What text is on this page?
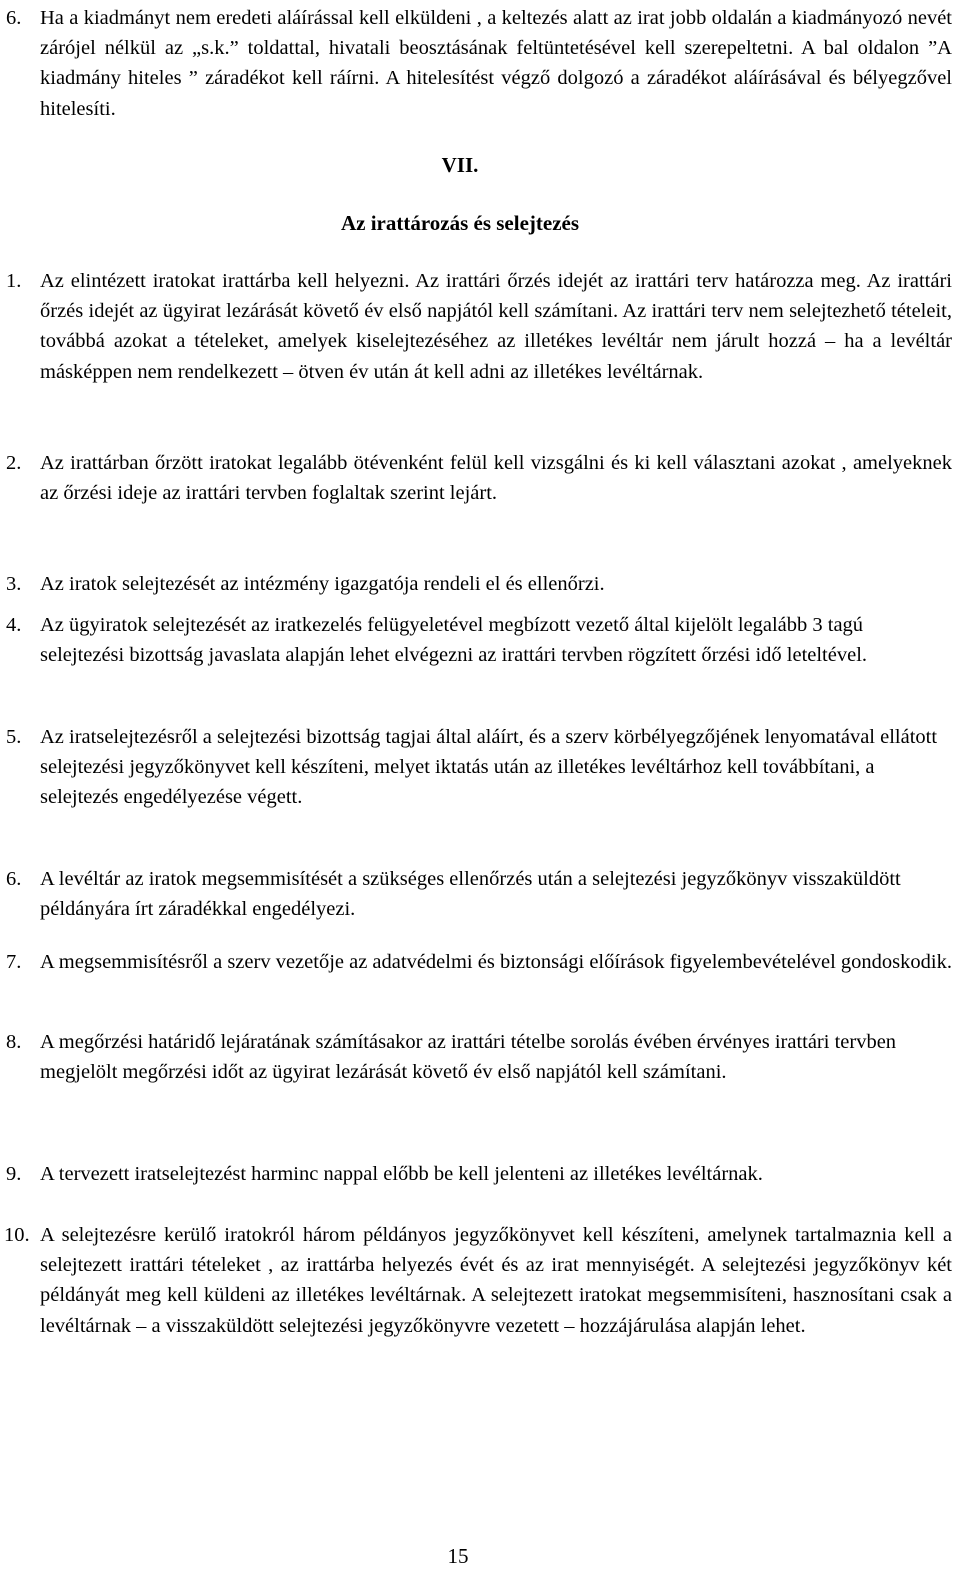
6. Ha a kiadmányt nem eredeti aláírással kell elküldeni , a keltezés alatt az irat jobb oldalán a kiadmányozó nevét zárójel nélkül az „s.k.” toldattal, hivatali beosztásának feltüntetésével kell szerepeltetni. A bal oldalon ”A kiadmány hiteles ” záradékot kell ráírni. A hitelesítést végző dolgozó a záradékot aláírásával és bélyegzővel hitelesíti.
VII.
Az irattározás és selejtezés
1. Az elintézett iratokat irattárba kell helyezni. Az irattári őrzés idejét az irattári terv határozza meg. Az irattári őrzés idejét az ügyirat lezárását követő év első napjától kell számítani. Az irattári terv nem selejtezhető tételeit, továbbá azokat a tételeket, amelyek kiselejtezéséhez az illetékes levéltár nem járult hozzá – ha a levéltár másképpen nem rendelkezett – ötven év után át kell adni az illetékes levéltárnak.
2. Az irattárban őrzött iratokat legalább ötévenként felül kell vizsgálni és ki kell választani azokat , amelyeknek az őrzési ideje az irattári tervben foglaltak szerint lejárt.
3. Az iratok selejtezését az intézmény igazgatója rendeli el és ellenőrzi.
4. Az ügyiratok selejtezését az iratkezelés felügyeletével megbízott vezető által kijelölt legalább 3 tagú selejtezési bizottság javaslata alapján lehet elvégezni az irattári tervben rögzített őrzési idő leteltével.
5. Az iratselejtezésről a selejtezési bizottság tagjai által aláírt, és a szerv körbélyegzőjének lenyomatával ellátott selejtezési jegyzőkönyvet kell készíteni, melyet iktatás után az illetékes levéltárhoz kell továbbítani, a selejtezés engedélyezése végett.
6. A levéltár az iratok megsemmisítését a szükséges ellenőrzés után a selejtezési jegyzőkönyv visszaküldött példányára írt záradékkal engedélyezi.
7. A megsemmisítésről a szerv vezetője az adatvédelmi és biztonsági előírások figyelembevételével gondoskodik.
8. A megőrzési határidő lejáratának számításakor az irattári tételbe sorolás évében érvényes irattári tervben megjelölt megőrzési időt az ügyirat lezárását követő év első napjától kell számítani.
9. A tervezett iratselejtezést harminc nappal előbb be kell jelenteni az illetékes levéltárnak.
10. A selejtezésre kerülő iratokról három példányos jegyzőkönyvet kell készíteni, amelynek tartalmaznia kell a selejtezett irattári tételeket , az irattárba helyezés évét és az irat mennyiségét. A selejtezési jegyzőkönyv két példányát meg kell küldeni az illetékes levéltárnak. A selejtezett iratokat megsemmisíteni, hasznosítani csak a levéltárnak – a visszaküldött selejtezési jegyzőkönyvre vezetett – hozzájárulása alapján lehet.
15
